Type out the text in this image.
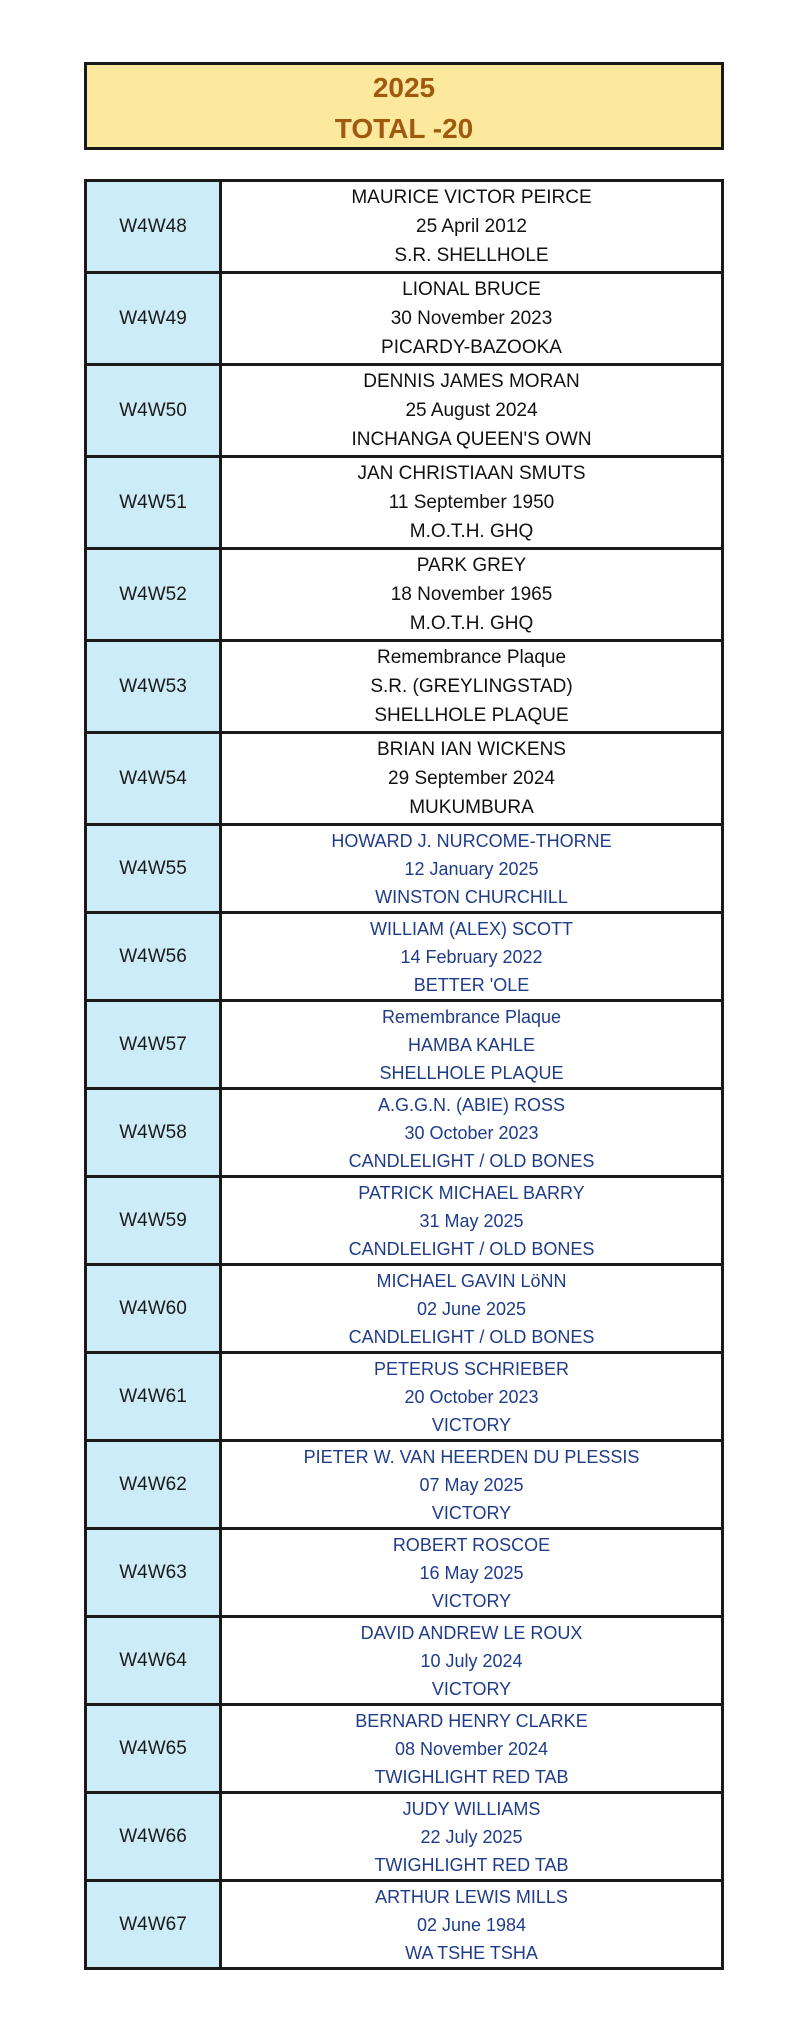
2025
TOTAL -20
W4W48	MAURICE VICTOR PEIRCE
25 April 2012
S.R. SHELLHOLE

W4W49	LIONAL BRUCE
30 November 2023
PICARDY-BAZOOKA

W4W50	DENNIS JAMES MORAN
25 August 2024
INCHANGA QUEEN'S OWN

W4W51	JAN CHRISTIAAN SMUTS
11 September 1950
M.O.T.H. GHQ

W4W52	PARK GREY
18 November 1965
M.O.T.H. GHQ

W4W53	Remembrance Plaque
S.R. (GREYLINGSTAD)
SHELLHOLE PLAQUE

W4W54	BRIAN IAN WICKENS
29 September 2024
MUKUMBURA

W4W55	HOWARD J. NURCOME-THORNE
12 January 2025
WINSTON CHURCHILL

W4W56	WILLIAM (ALEX) SCOTT
14 February 2022
BETTER 'OLE

W4W57	Remembrance Plaque
HAMBA KAHLE
SHELLHOLE PLAQUE

W4W58	A.G.G.N. (ABIE) ROSS
30 October 2023
CANDLELIGHT / OLD BONES

W4W59	PATRICK MICHAEL BARRY
31 May 2025
CANDLELIGHT / OLD BONES

W4W60	MICHAEL GAVIN LöNN
02 June 2025
CANDLELIGHT / OLD BONES

W4W61	PETERUS SCHRIEBER
20 October 2023
VICTORY

W4W62	PIETER W. VAN HEERDEN DU PLESSIS
07 May 2025
VICTORY

W4W63	ROBERT ROSCOE
16 May 2025
VICTORY

W4W64	DAVID ANDREW LE ROUX
10 July 2024
VICTORY

W4W65	BERNARD HENRY CLARKE
08 November 2024
TWIGHLIGHT RED TAB

W4W66	JUDY WILLIAMS
22 July 2025
TWIGHLIGHT RED TAB

W4W67	ARTHUR LEWIS MILLS
02 June 1984
WA TSHE TSHA
